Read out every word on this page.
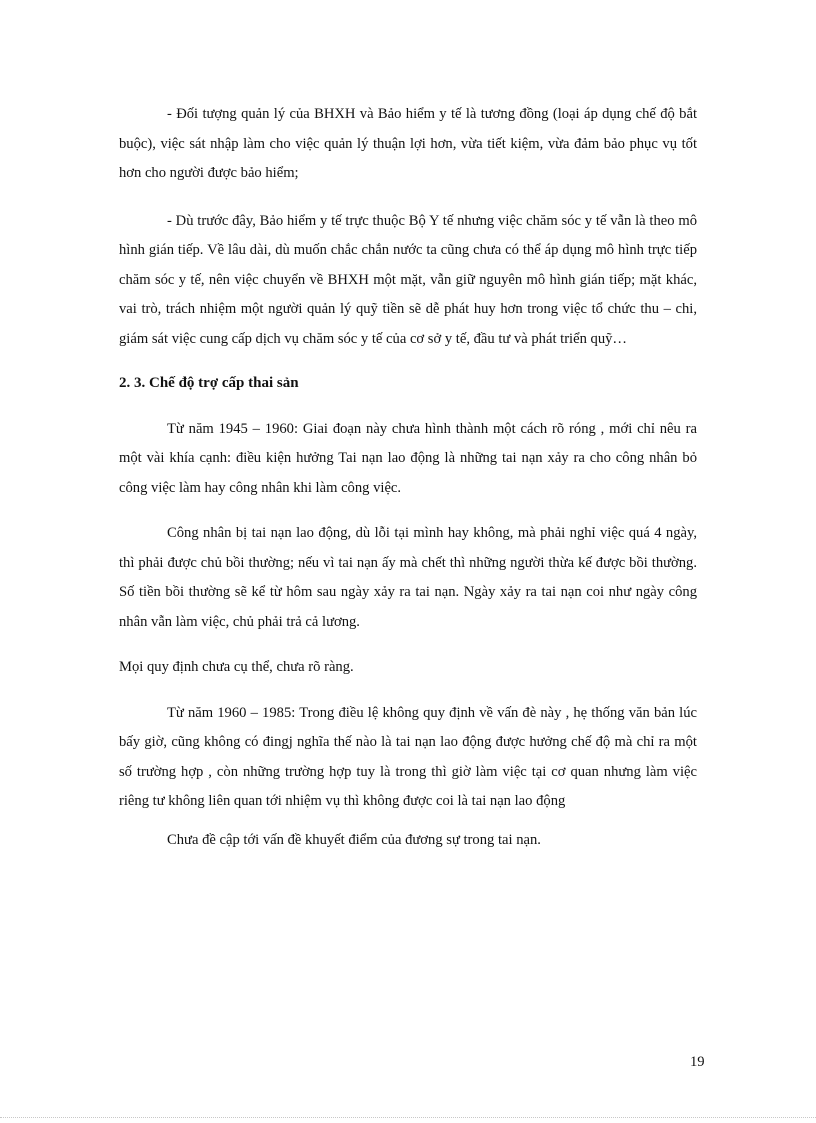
- Đối tượng quản lý của BHXH và Bảo hiểm y tế là tương đồng (loại áp dụng chế độ bắt buộc), việc sát nhập làm cho việc quản lý thuận lợi hơn, vừa tiết kiệm, vừa đảm bảo phục vụ tốt hơn cho người được bảo hiểm;

- Dù trước đây, Bảo hiểm y tế trực thuộc Bộ Y tế nhưng việc chăm sóc y tế vẫn là theo mô hình gián tiếp. Về lâu dài, dù muốn chắc chắn nước ta cũng chưa có thể áp dụng mô hình trực tiếp chăm sóc y tế, nên việc chuyển về BHXH một mặt, vẫn giữ nguyên mô hình gián tiếp; mặt khác, vai trò, trách nhiệm một người quản lý quỹ tiền sẽ dễ phát huy hơn trong việc tổ chức thu – chi, giám sát việc cung cấp dịch vụ chăm sóc y tế của cơ sở y tế, đầu tư và phát triển quỹ…

2. 3. Chế độ trợ cấp thai sản

Từ năm 1945 – 1960: Giai đoạn này chưa hình thành một cách rõ róng , mới chỉ nêu ra một vài khía cạnh: điều kiện hưởng Tai nạn lao động là những tai nạn xảy ra cho công nhân bỏ công việc làm hay công nhân khi làm công việc.

Công nhân bị tai nạn lao động, dù lỗi tại mình hay không, mà phải nghỉ việc quá 4 ngày, thì phải được chủ bồi thường; nếu vì tai nạn ấy mà chết thì những người thừa kế được bồi thường. Số tiền bồi thường sẽ kể từ hôm sau ngày xảy ra tai nạn. Ngày xảy ra tai nạn coi như ngày công nhân vẫn làm việc, chủ phải trả cả lương.

Mọi quy định chưa cụ thể, chưa rõ ràng.

Từ năm 1960 – 1985: Trong điều lệ không quy định về vấn đè này , hẹ thống văn bản lúc bấy giờ, cũng không có đingj nghĩa thế nào là tai nạn lao động được hưởng chế độ mà chỉ ra một số trường hợp , còn những trường hợp tuy là trong thì giờ làm việc tại cơ quan nhưng làm việc riêng tư không liên quan tới nhiệm vụ thì không được coi là tai nạn lao động

Chưa đề cập tới vấn đề khuyết điểm của đương sự trong tai nạn.

19
